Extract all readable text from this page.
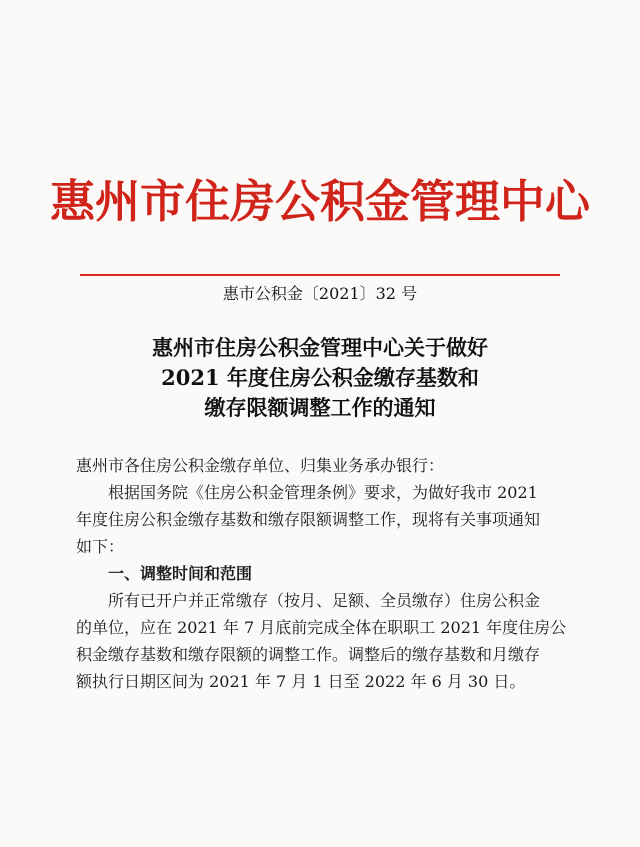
惠州市住房公积金管理中心
惠市公积金〔2021〕32 号
惠州市住房公积金管理中心关于做好
2021 年度住房公积金缴存基数和
缴存限额调整工作的通知
惠州市各住房公积金缴存单位、归集业务承办银行：
根据国务院《住房公积金管理条例》要求，为做好我市 2021
年度住房公积金缴存基数和缴存限额调整工作，现将有关事项通知
如下：
一、调整时间和范围
所有已开户并正常缴存（按月、足额、全员缴存）住房公积金
的单位，应在 2021 年 7 月底前完成全体在职职工 2021 年度住房公
积金缴存基数和缴存限额的调整工作。调整后的缴存基数和月缴存
额执行日期区间为 2021 年 7 月 1 日至 2022 年 6 月 30 日。
